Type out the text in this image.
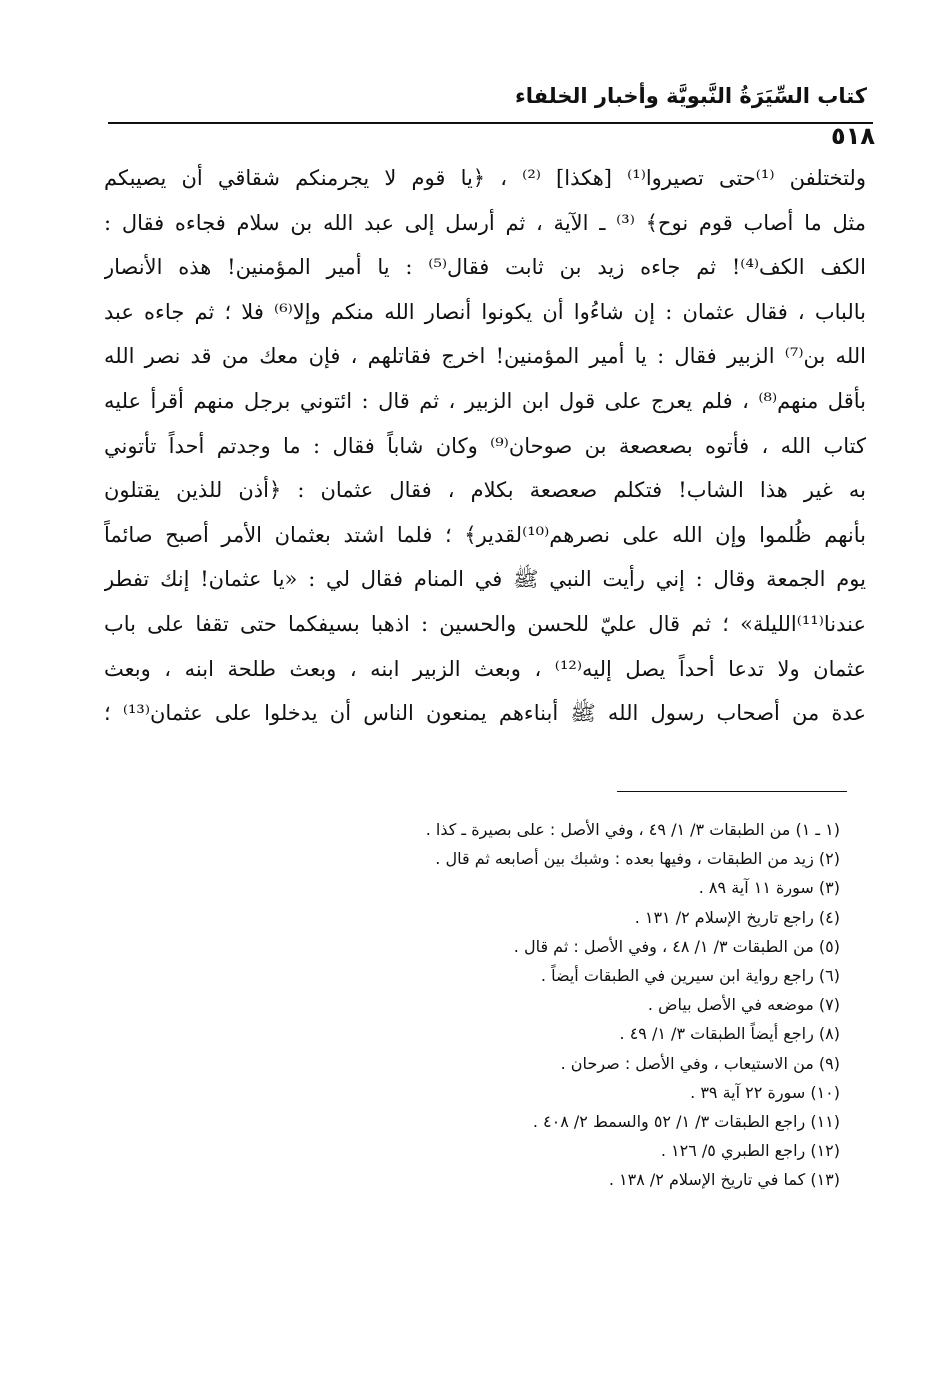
كتاب السِّيَرَةُ النَّبويَّة وأخبار الخلفاء
٥١٨
ولتختلفن ⁽¹⁾حتى تصيروا⁽¹⁾ [هكذا] ⁽²⁾ ، ﴿يا قوم لا يجرمنكم شقاقي أن يصيبكم
مثل ما أصاب قوم نوح﴾ ⁽³⁾ ـ الآية ، ثم أرسل إلى عبد الله بن سلام فجاءه فقال :
الكف الكف⁽⁴⁾! ثم جاءه زيد بن ثابت فقال⁽⁵⁾ : يا أمير المؤمنين! هذه الأنصار
بالباب ، فقال عثمان : إن شاءُوا أن يكونوا أنصار الله منكم وإلا⁽⁶⁾ فلا ؛ ثم جاءه عبد
الله بن⁽⁷⁾ الزبير فقال : يا أمير المؤمنين! اخرج فقاتلهم ، فإن معك من قد نصر الله
بأقل منهم⁽⁸⁾ ، فلم يعرج على قول ابن الزبير ، ثم قال : ائتوني برجل منهم أقرأ عليه
كتاب الله ، فأتوه بصعصعة بن صوحان⁽⁹⁾ وكان شاباً فقال : ما وجدتم أحداً تأتوني
به غير هذا الشاب! فتكلم صعصعة بكلام ، فقال عثمان : ﴿أذن للذين يقتلون
بأنهم ظُلموا وإن الله على نصرهم⁽¹⁰⁾لقدير﴾ ؛ فلما اشتد بعثمان الأمر أصبح صائماً
يوم الجمعة وقال : إني رأيت النبي ﷺ في المنام فقال لي : «يا عثمان! إنك تفطر
عندنا⁽¹¹⁾الليلة» ؛ ثم قال عليّ للحسن والحسين : اذهبا بسيفكما حتى تقفا على باب
عثمان ولا تدعا أحداً يصل إليه⁽¹²⁾ ، وبعث الزبير ابنه ، وبعث طلحة ابنه ، وبعث
عدة من أصحاب رسول الله ﷺ أبناءهم يمنعون الناس أن يدخلوا على عثمان⁽¹³⁾ ؛
(١ ـ ١) من الطبقات ٣/ ١/ ٤٩ ، وفي الأصل : على بصيرة ـ كذا .
(٢) زيد من الطبقات ، وفيها بعده : وشبك بين أصابعه ثم قال .
(٣) سورة ١١ آية ٨٩ .
(٤) راجع تاريخ الإسلام ٢/ ١٣١ .
(٥) من الطبقات ٣/ ١/ ٤٨ ، وفي الأصل : ثم قال .
(٦) راجع رواية ابن سيرين في الطبقات أيضاً .
(٧) موضعه في الأصل بياض .
(٨) راجع أيضاً الطبقات ٣/ ١/ ٤٩ .
(٩) من الاستيعاب ، وفي الأصل : صرحان .
(١٠) سورة ٢٢ آية ٣٩ .
(١١) راجع الطبقات ٣/ ١/ ٥٢ والسمط ٢/ ٤٠٨ .
(١٢) راجع الطبري ٥/ ١٢٦ .
(١٣) كما في تاريخ الإسلام ٢/ ١٣٨ .
